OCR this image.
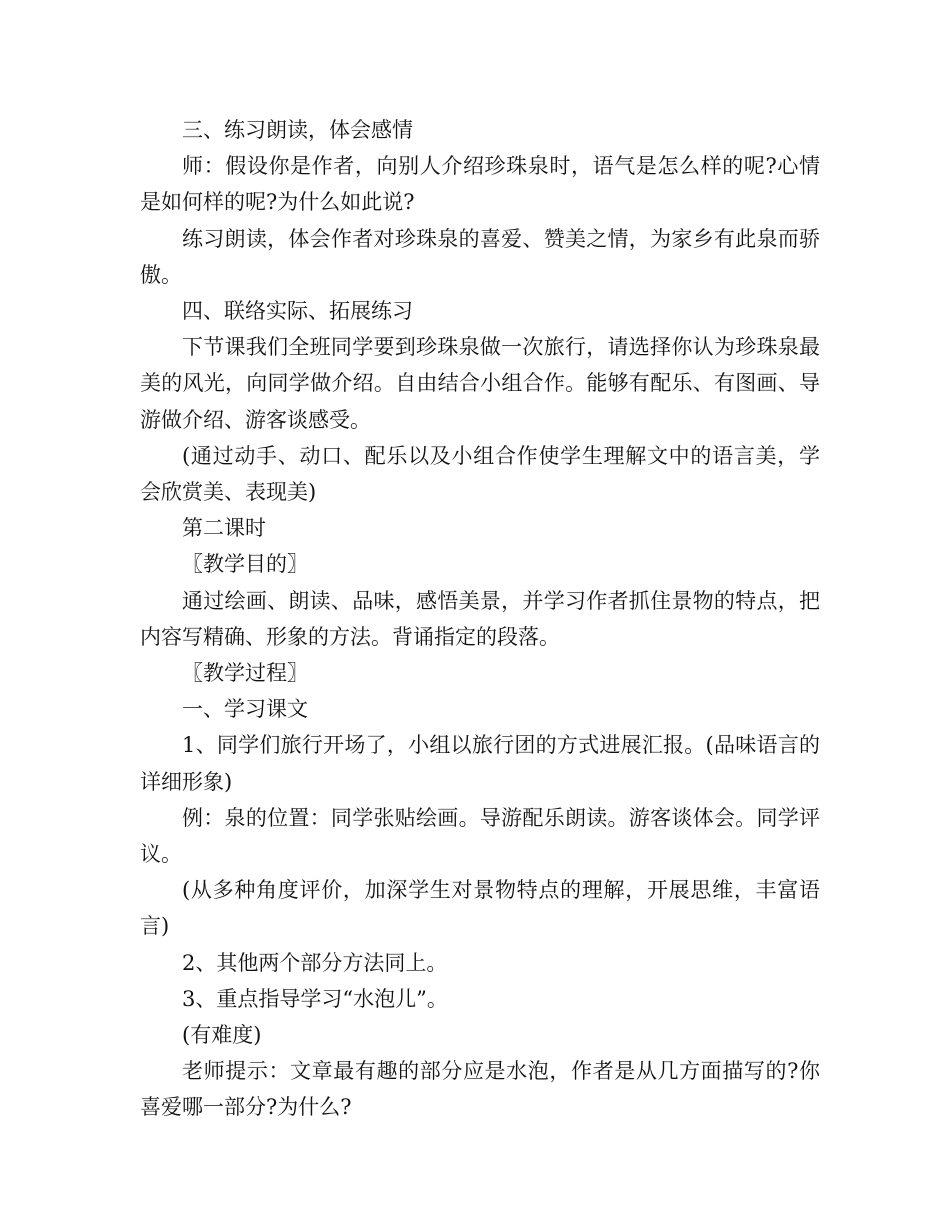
三、练习朗读，体会感情

师：假设你是作者，向别人介绍珍珠泉时，语气是怎么样的呢?心情是如何样的呢?为什么如此说?

练习朗读，体会作者对珍珠泉的喜爱、赞美之情，为家乡有此泉而骄傲。

四、联络实际、拓展练习

下节课我们全班同学要到珍珠泉做一次旅行，请选择你认为珍珠泉最美的风光，向同学做介绍。自由结合小组合作。能够有配乐、有图画、导游做介绍、游客谈感受。

(通过动手、动口、配乐以及小组合作使学生理解文中的语言美，学会欣赏美、表现美)

第二课时

〖教学目的〗

通过绘画、朗读、品味，感悟美景，并学习作者抓住景物的特点，把内容写精确、形象的方法。背诵指定的段落。

〖教学过程〗

一、学习课文

1、同学们旅行开场了，小组以旅行团的方式进展汇报。(品味语言的详细形象)

例：泉的位置：同学张贴绘画。导游配乐朗读。游客谈体会。同学评议。

(从多种角度评价，加深学生对景物特点的理解，开展思维，丰富语言)

2、其他两个部分方法同上。

3、重点指导学习“水泡儿”。

(有难度)

老师提示：文章最有趣的部分应是水泡，作者是从几方面描写的?你喜爱哪一部分?为什么?
